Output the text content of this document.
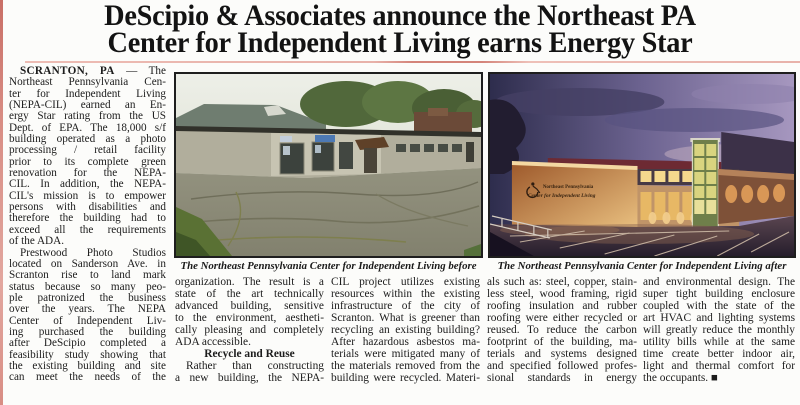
DeScipio & Associates announce the Northeast PA
Center for Independent Living earns Energy Star
SCRANTON, PA — The
Northeast Pennsylvania Cen-
ter for Independent Living
(NEPA-CIL) earned an En-
ergy Star rating from the US
Dept. of EPA. The 18,000 s/f
building operated as a photo
processing / retail facility
prior to its complete green
renovation for the NEPA-
CIL. In addition, the NEPA-
CIL's mission is to empower
persons with disabilities and
therefore the building had to
exceed all the requirements
of the ADA.
Prestwood Photo Studios
located on Sanderson Ave. in
Scranton rise to land mark
status because so many peo-
ple patronized the business
over the years. The NEPA
Center of Independent Liv-
ing purchased the building
after DeScipio completed a
feasibility study showing that
the existing building and site
can meet the needs of the
Northeast Pennsylvania
Center for Independent Living
The Northeast Pennsylvania Center for Independent Living before	The Northeast Pennsylvania Center for Independent Living after
organization. The result is a
state of the art technically
advanced building, sensitive
to the environment, aestheti-
cally pleasing and completely
ADA accessible.
Recycle and Reuse
Rather than constructing
a new building, the NEPA-
CIL project utilizes existing
resources within the existing
infrastructure of the city of
Scranton. What is greener than
recycling an existing building?
After hazardous asbestos ma-
terials were mitigated many of
the materials removed from the
building were recycled. Materi-
als such as: steel, copper, stain-
less steel, wood framing, rigid
roofing insulation and rubber
roofing were either recycled or
reused. To reduce the carbon
footprint of the building, ma-
terials and systems designed
and specified followed profes-
sional standards in energy
and environmental design. The
super tight building enclosure
coupled with the state of the
art HVAC and lighting systems
will greatly reduce the monthly
utility bills while at the same
time create better indoor air,
light and thermal comfort for
the occupants. ■
